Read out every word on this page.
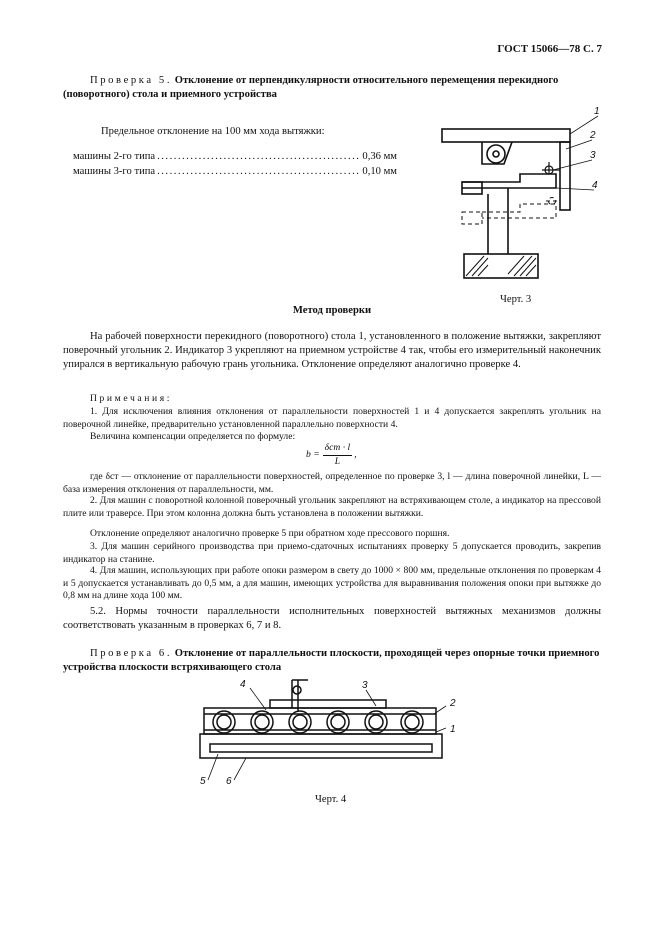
ГОСТ 15066—78 С. 7
Проверка 5. Отклонение от перпендикулярности относительного перемещения перекидного (поворотного) стола и приемного устройства
Предельное отклонение на 100 мм хода вытяжки:
машины 2-го типа ................................................. 0,36 мм
машины 3-го типа ................................................. 0,10 мм
1
2
3
4
Черт. 3
Метод проверки
На рабочей поверхности перекидного (поворотного) стола 1, установленного в положение вытяжки, закрепляют поверочный угольник 2. Индикатор 3 укрепляют на приемном устройстве 4 так, чтобы его измерительный наконечник упирался в вертикальную рабочую грань угольника. Отклонение определяют аналогично проверке 4.
Примечания:
1. Для исключения влияния отклонения от параллельности поверхностей 1 и 4 допускается закреплять угольник на поверочной линейке, предварительно установленной параллельно поверхности 4.
Величина компенсации определяется по формуле:
b =
δст · l
L
,
где δст — отклонение от параллельности поверхностей, определенное по проверке 3, l — длина поверочной линейки, L — база измерения отклонения от параллельности, мм.
2. Для машин с поворотной колонной поверочный угольник закрепляют на встряхивающем столе, а индикатор на прессовой плите или траверсе. При этом колонна должна быть установлена в положении вытяжки.
Отклонение определяют аналогично проверке 5 при обратном ходе прессового поршня.
3. Для машин серийного производства при приемо-сдаточных испытаниях проверку 5 допускается проводить, закрепив индикатор на станине.
4. Для машин, использующих при работе опоки размером в свету до 1000 × 800 мм, предельные отклонения по проверкам 4 и 5 допускается устанавливать до 0,5 мм, а для машин, имеющих устройства для выравнивания положения опоки при вытяжке до 0,8 мм на длине хода 100 мм.
5.2. Нормы точности параллельности исполнительных поверхностей вытяжных механизмов должны соответствовать указанным в проверках 6, 7 и 8.
Проверка 6. Отклонение от параллельности плоскости, проходящей через опорные точки приемного устройства плоскости встряхивающего стола
4	3
2
1
5 6
Черт. 4
